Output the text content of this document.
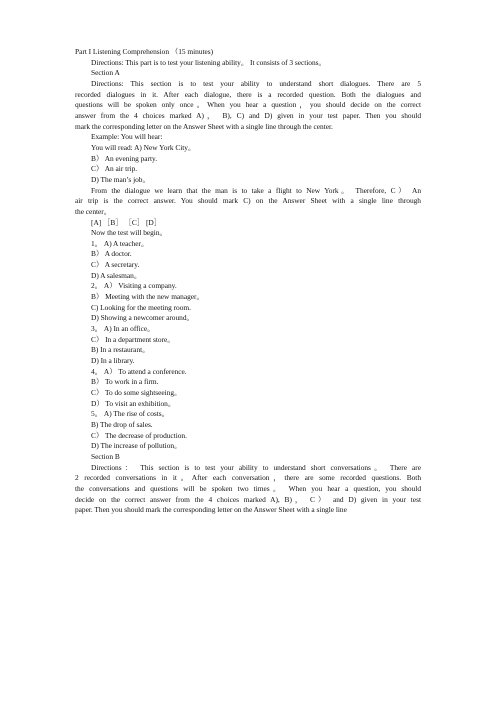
Part I Listening Comprehension （15 minutes)
Directions: This part is to test your listening ability。 It consists of 3 sections。
Section A
Directions: This section is to test your ability to understand short dialogues. There are 5
recorded dialogues in it. After each dialogue, there is a recorded question. Both the dialogues and
questions will be spoken only once。When you hear a question，you should decide on the correct
answer from the 4 choices marked A)， B), C) and D) given in your test paper. Then you should
mark the corresponding letter on the Answer Sheet with a single line through the center.
Example: You will hear:
You will read: A) New York City。
B） An evening party.
C） An air trip.
D) The man’s job。
From the dialogue we learn that the man is to take a flight to New York。 Therefore, C） An
air trip is the correct answer. You should mark C) on the Answer Sheet with a single line through
the center。
[A] ［B］ ［C］ [D］
Now the test will begin。
1。 A) A teacher。
B） A doctor.
C） A secretary.
D) A salesman。
2。 A） Visiting a company.
B） Meeting with the new manager。
C) Looking for the meeting room.
D) Showing a newcomer around。
3。 A) In an office。
C） In a department store。
B) In a restaurant。
D) In a library.
4。 A） To attend a conference.
B） To work in a firm.
C） To do some sightseeing。
D） To visit an exhibition。
5。 A) The rise of costs。
B) The drop of sales.
C） The decrease of production.
D) The increase of pollution。
Section B
Directions： This section is to test your ability to understand short conversations。 There are
2 recorded conversations in it。After each conversation，there are some recorded questions. Both
the conversations and questions will be spoken two times。 When you hear a question, you should
decide on the correct answer from the 4 choices marked A), B)， C） and D) given in your test
paper. Then you should mark the corresponding letter on the Answer Sheet with a single line
